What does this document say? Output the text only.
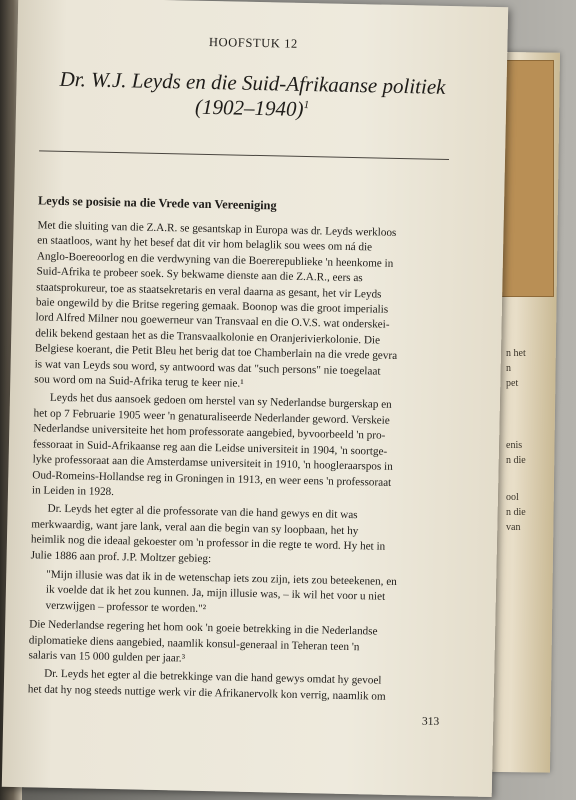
n het
n
pet
enis
n die
ool
n die
van
HOOFSTUK 12
Dr. W.J. Leyds en die Suid-Afrikaanse politiek
(1902–1940)$^1$
Leyds se posisie na die Vrede van Vereeniging
Met die sluiting van die Z.A.R. se gesantskap in Europa was dr. Leyds werkloos
en staatloos, want hy het besef dat dit vir hom belaglik sou wees om ná die
Anglo-Boereoorlog en die verdwyning van die Boererepublieke 'n heenkome in
Suid-Afrika te probeer soek. Sy bekwame dienste aan die Z.A.R., eers as
staatsprokureur, toe as staatsekretaris en veral daarna as gesant, het vir Leyds
baie ongewild by die Britse regering gemaak. Boonop was die groot imperialis
lord Alfred Milner nou goewerneur van Transvaal en die O.V.S. wat onderskei-
delik bekend gestaan het as die Transvaalkolonie en Oranjerivierkolonie. Die
Belgiese koerant, die Petit Bleu het berig dat toe Chamberlain na die vrede gevra
is wat van Leyds sou word, sy antwoord was dat "such persons" nie toegelaat
sou word om na Suid-Afrika terug te keer nie.¹
Leyds het dus aansoek gedoen om herstel van sy Nederlandse burgerskap en
het op 7 Februarie 1905 weer 'n genaturaliseerde Nederlander geword. Verskeie
Nederlandse universiteite het hom professorate aangebied, byvoorbeeld 'n pro-
fessoraat in Suid-Afrikaanse reg aan die Leidse universiteit in 1904, 'n soortge-
lyke professoraat aan die Amsterdamse universiteit in 1910, 'n hoogleraarspos in
Oud-Romeins-Hollandse reg in Groningen in 1913, en weer eens 'n professoraat
in Leiden in 1928.
Dr. Leyds het egter al die professorate van die hand gewys en dit was
merkwaardig, want jare lank, veral aan die begin van sy loopbaan, het hy
heimlik nog die ideaal gekoester om 'n professor in die regte te word. Hy het in
Julie 1886 aan prof. J.P. Moltzer gebieg:
"Mijn illusie was dat ik in de wetenschap iets zou zijn, iets zou beteekenen, en
ik voelde dat ik het zou kunnen. Ja, mijn illusie was, – ik wil het voor u niet
verzwijgen – professor te worden."²
Die Nederlandse regering het hom ook 'n goeie betrekking in die Nederlandse
diplomatieke diens aangebied, naamlik konsul-generaal in Teheran teen 'n
salaris van 15 000 gulden per jaar.³
Dr. Leyds het egter al die betrekkinge van die hand gewys omdat hy gevoel
het dat hy nog steeds nuttige werk vir die Afrikanervolk kon verrig, naamlik om
313
